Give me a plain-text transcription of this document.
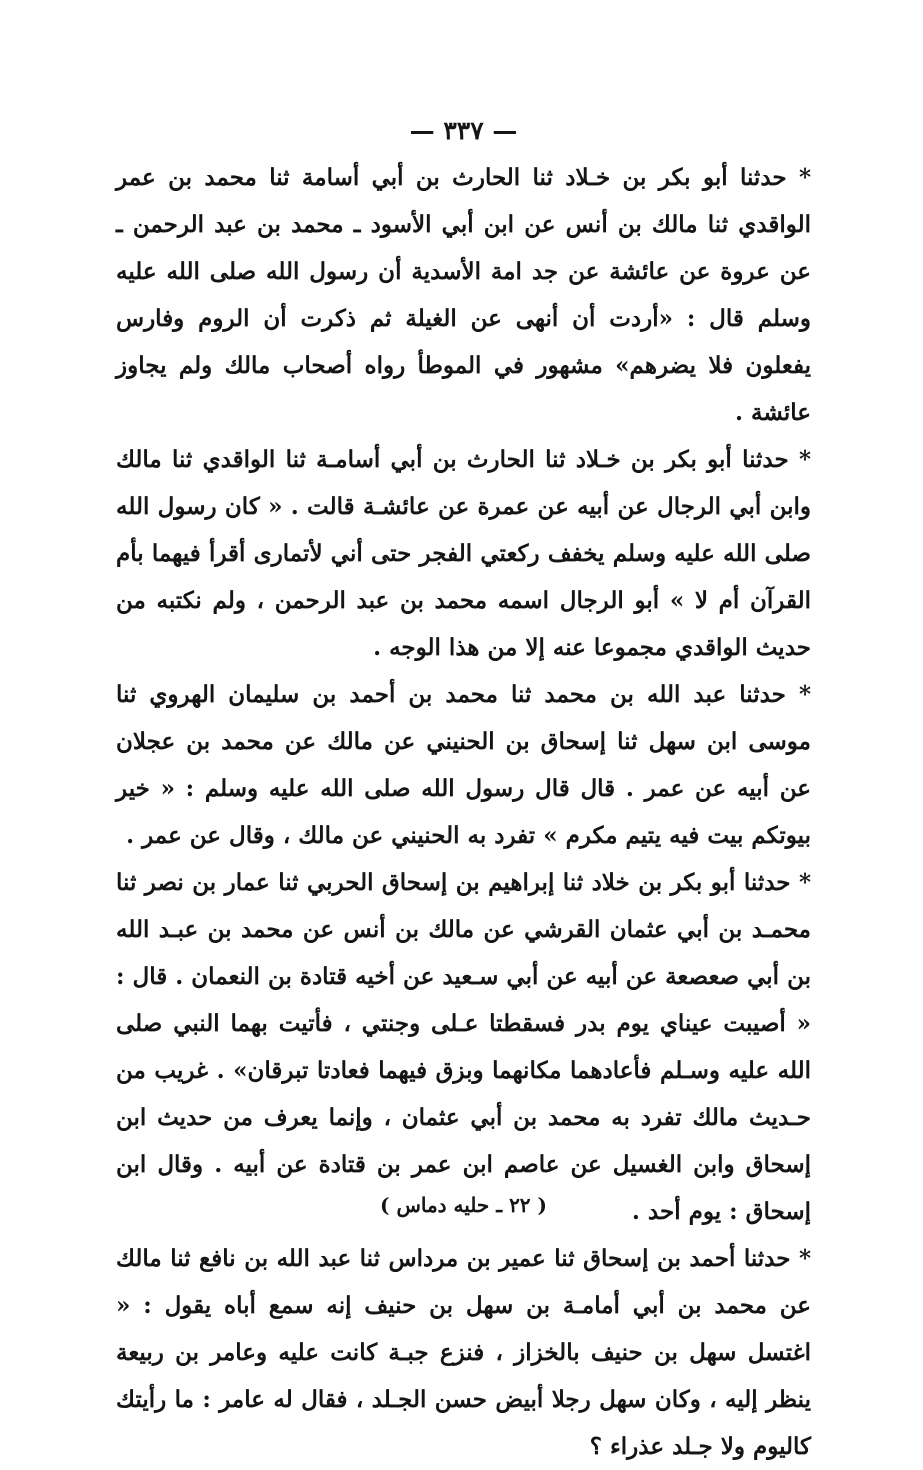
— ٣٣٧ —

* حدثنا أبو بكر بن خـلاد ثنا الحارث بن أبي أسامة ثنا محمد بن عمر الواقدي ثنا مالك بن أنس عن ابن أبي الأسود ـ محمد بن عبد الرحمن ـ عن عروة عن عائشة عن جد امة الأسدية أن رسول الله صلى الله عليه وسلم قال : «أردت أن أنهى عن الغيلة ثم ذكرت أن الروم وفارس يفعلون فلا يضرهم» مشهور في الموطأ رواه أصحاب مالك ولم يجاوز عائشة .

* حدثنا أبو بكر بن خـلاد ثنا الحارث بن أبي أسامـة ثنا الواقدي ثنا مالك وابن أبي الرجال عن أبيه عن عمرة عن عائشـة قالت . « كان رسول الله صلى الله عليه وسلم يخفف ركعتي الفجر حتى أني لأتمارى أقرأ فيهما بأم القرآن أم لا » أبو الرجال اسمه محمد بن عبد الرحمن ، ولم نكتبه من حديث الواقدي مجموعا عنه إلا من هذا الوجه .

* حدثنا عبد الله بن محمد ثنا محمد بن أحمد بن سليمان الهروي ثنا موسى ابن سهل ثنا إسحاق بن الحنيني عن مالك عن محمد بن عجلان عن أبيه عن عمر . قال قال رسول الله صلى الله عليه وسلم : « خير بيوتكم بيت فيه يتيم مكرم » تفرد به الحنيني عن مالك ، وقال عن عمر .

* حدثنا أبو بكر بن خلاد ثنا إبراهيم بن إسحاق الحربي ثنا عمار بن نصر ثنا محمـد بن أبي عثمان القرشي عن مالك بن أنس عن محمد بن عبـد الله بن أبي صعصعة عن أبيه عن أبي سـعيد عن أخيه قتادة بن النعمان . قال : « أصيبت عيناي يوم بدر فسقطتا عـلى وجنتي ، فأتيت بهما النبي صلى الله عليه وسـلم فأعادهما مكانهما وبزق فيهما فعادتا تبرقان» . غريب من حـديث مالك تفرد به محمد بن أبي عثمان ، وإنما يعرف من حديث ابن إسحاق وابن الغسيل عن عاصم ابن عمر بن قتادة عن أبيه . وقال ابن إسحاق : يوم أحد .

* حدثنا أحمد بن إسحاق ثنا عمير بن مرداس ثنا عبد الله بن نافع ثنا مالك عن محمد بن أبي أمامـة بن سهل بن حنيف إنه سمع أباه يقول : « اغتسل سهل بن حنيف بالخزاز ، فنزع جبـة كانت عليه وعامر بن ربيعة ينظر إليه ، وكان سهل رجلا أبيض حسن الجـلد ، فقال له عامر : ما رأيتك كاليوم ولا جـلد عذراء ؟

( ٢٢ ـ حليه دماس )
